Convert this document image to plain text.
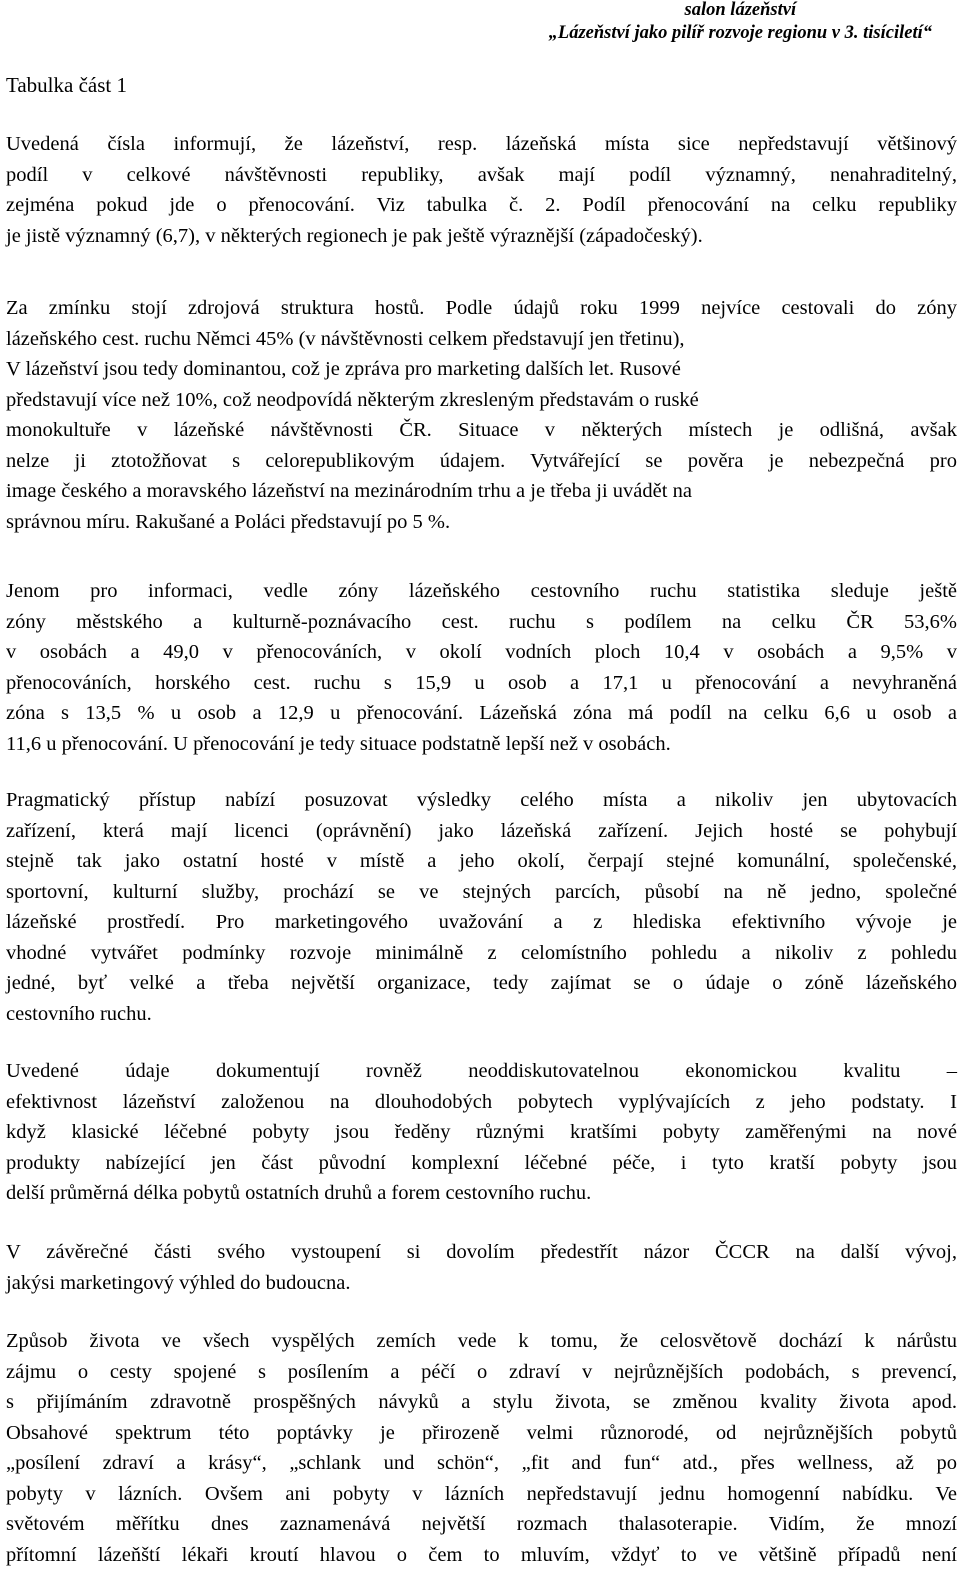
salon lázeňství
„Lázeňství jako pilíř rozvoje regionu v 3. tisíciletí“
Tabulka část 1
Uvedená čísla informují, že lázeňství, resp. lázeňská místa sice nepředstavují většinový
podíl v celkové návštěvnosti republiky, avšak mají podíl významný, nenahraditelný,
zejména pokud jde o přenocování. Viz tabulka č. 2. Podíl přenocování na celku republiky
je jistě významný (6,7), v některých regionech je pak ještě výraznější (západočeský).
Za zmínku stojí zdrojová struktura hostů. Podle údajů roku 1999 nejvíce cestovali do zóny
lázeňského cest. ruchu Němci 45% (v návštěvnosti celkem představují jen třetinu),
V lázeňství jsou tedy dominantou, což je zpráva pro marketing dalších let. Rusové
představují více než 10%, což neodpovídá některým zkresleným představám o ruské
monokultuře v lázeňské návštěvnosti ČR. Situace v některých místech je odlišná, avšak
nelze ji ztotožňovat s celorepublikovým údajem. Vytvářející se pověra je nebezpečná pro
image českého a moravského lázeňství na mezinárodním trhu a je třeba ji uvádět na
správnou míru. Rakušané a Poláci představují po 5 %.
Jenom pro informaci, vedle zóny lázeňského cestovního ruchu statistika sleduje ještě
zóny městského a kulturně-poznávacího cest. ruchu s podílem na celku ČR 53,6%
v osobách a 49,0 v přenocováních, v okolí vodních ploch 10,4 v osobách a 9,5% v
přenocováních, horského cest. ruchu s 15,9 u osob a 17,1 u přenocování a nevyhraněná
zóna s 13,5 % u osob a 12,9 u přenocování. Lázeňská zóna má podíl na celku 6,6 u osob a
11,6 u přenocování. U přenocování je tedy situace podstatně lepší než v osobách.
Pragmatický přístup nabízí posuzovat výsledky celého místa a nikoliv jen ubytovacích
zařízení, která mají licenci (oprávnění) jako lázeňská zařízení. Jejich hosté se pohybují
stejně tak jako ostatní hosté v místě a jeho okolí, čerpají stejné komunální, společenské,
sportovní, kulturní služby, prochází se ve stejných parcích, působí na ně jedno, společné
lázeňské prostředí. Pro marketingového uvažování a z hlediska efektivního vývoje je
vhodné vytvářet podmínky rozvoje minimálně z celomístního pohledu a nikoliv z pohledu
jedné, byť velké a třeba největší organizace, tedy zajímat se o údaje o zóně lázeňského
cestovního ruchu.
Uvedené údaje dokumentují rovněž neoddiskutovatelnou ekonomickou kvalitu –
efektivnost lázeňství založenou na dlouhodobých pobytech vyplývajících z jeho podstaty. I
když klasické léčebné pobyty jsou ředěny různými kratšími pobyty zaměřenými na nové
produkty nabízející jen část původní komplexní léčebné péče, i tyto kratší pobyty jsou
delší průměrná délka pobytů ostatních druhů a forem cestovního ruchu.
V závěrečné části svého vystoupení si dovolím předestřít názor ČCCR na další vývoj,
jakýsi marketingový výhled do budoucna.
Způsob života ve všech vyspělých zemích vede k tomu, že celosvětově dochází k nárůstu
zájmu o cesty spojené s posílením a péčí o zdraví v nejrůznějších podobách, s prevencí,
s přijímáním zdravotně prospěšných návyků a stylu života, se změnou kvality života apod.
Obsahové spektrum této poptávky je přirozeně velmi různorodé, od nejrůznějších pobytů
„posílení zdraví a krásy“, „schlank und schön“, „fit and fun“ atd., přes wellness, až po
pobyty v lázních. Ovšem ani pobyty v lázních nepředstavují jednu homogenní nabídku. Ve
světovém měřítku dnes zaznamenává největší rozmach thalasoterapie. Vidím, že mnozí
přítomní lázeňští lékaři kroutí hlavou o čem to mluvím, vždyť to ve většině případů není
